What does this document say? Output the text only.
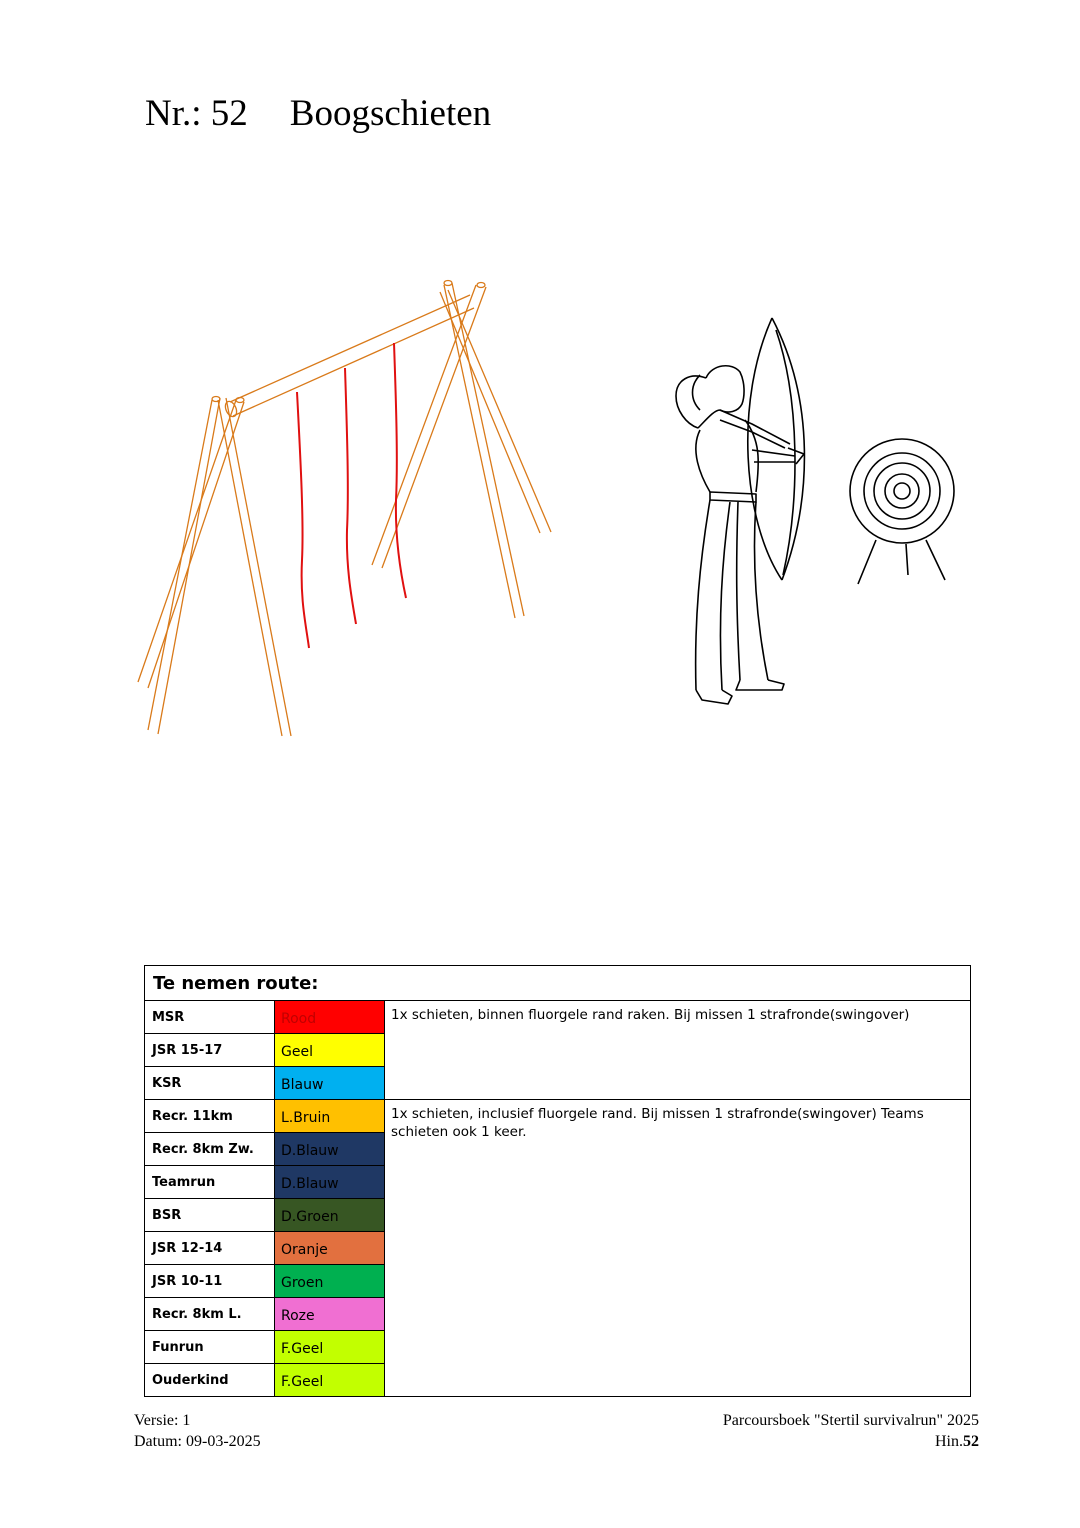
Nr.: 52 Boogschieten
Te nemen route:		
MSR	Rood	1x schieten, binnen fluorgele rand raken. Bij missen 1 strafronde(swingover)
JSR 15-17	Geel	
KSR	Blauw	
Recr. 11km	L.Bruin	1x schieten, inclusief fluorgele rand. Bij missen 1 strafronde(swingover) Teams schieten ook 1 keer.
Recr. 8km Zw.	D.Blauw	
Teamrun	D.Blauw	
BSR	D.Groen	
JSR 12-14	Oranje	
JSR 10-11	Groen	
Recr. 8km L.	Roze	
Funrun	F.Geel	
Ouderkind	F.Geel	
Versie: 1
Datum: 09-03-2025
Parcoursboek "Stertil survivalrun" 2025
Hin.52
